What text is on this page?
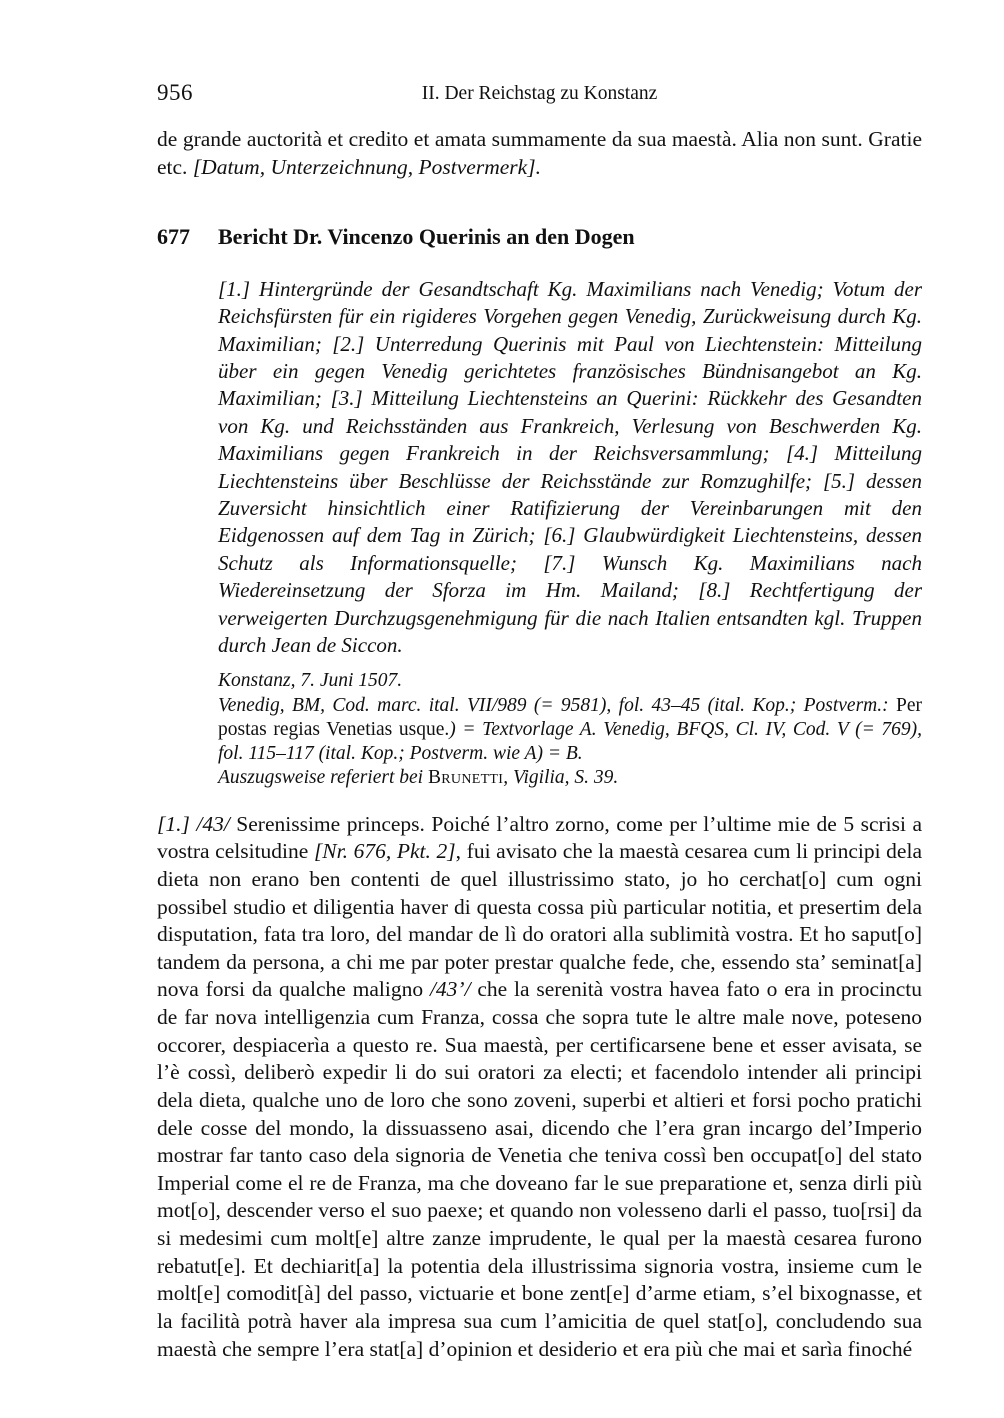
956	II. Der Reichstag zu Konstanz

de grande auctorità et credito et amata summamente da sua maestà. Alia non sunt. Gratie etc. [Datum, Unterzeichnung, Postvermerk].

677	Bericht Dr. Vincenzo Querinis an den Dogen

[1.] Hintergründe der Gesandtschaft Kg. Maximilians nach Venedig; Votum der Reichsfürsten für ein rigideres Vorgehen gegen Venedig, Zurückweisung durch Kg. Maximilian; [2.] Unterredung Querinis mit Paul von Liechtenstein: Mitteilung über ein gegen Venedig gerichtetes französisches Bündnisangebot an Kg. Maximilian; [3.] Mitteilung Liechtensteins an Querini: Rückkehr des Gesandten von Kg. und Reichsständen aus Frankreich, Verlesung von Beschwerden Kg. Maximilians gegen Frankreich in der Reichsversammlung; [4.] Mitteilung Liechtensteins über Beschlüsse der Reichsstände zur Romzughilfe; [5.] dessen Zuversicht hinsichtlich einer Ratifizierung der Vereinbarungen mit den Eidgenossen auf dem Tag in Zürich; [6.] Glaubwürdigkeit Liechtensteins, dessen Schutz als Informationsquelle; [7.] Wunsch Kg. Maximilians nach Wiedereinsetzung der Sforza im Hm. Mailand; [8.] Rechtfertigung der verweigerten Durchzugsgenehmigung für die nach Italien entsandten kgl. Truppen durch Jean de Siccon.

Konstanz, 7. Juni 1507.
Venedig, BM, Cod. marc. ital. VII/989 (= 9581), fol. 43–45 (ital. Kop.; Postverm.: Per postas regias Venetias usque.) = Textvorlage A. Venedig, BFQS, Cl. IV, Cod. V (= 769), fol. 115–117 (ital. Kop.; Postverm. wie A) = B.
Auszugsweise referiert bei Brunetti, Vigilia, S. 39.

[1.] /43/ Serenissime princeps. Poiché l’altro zorno, come per l’ultime mie de 5 scrisi a vostra celsitudine [Nr. 676, Pkt. 2], fui avisato che la maestà cesarea cum li principi dela dieta non erano ben contenti de quel illustrissimo stato, jo ho cerchat[o] cum ogni possibel studio et diligentia haver di questa cossa più particular notitia, et presertim dela disputation, fata tra loro, del mandar de lì do oratori alla sublimità vostra. Et ho saput[o] tandem da persona, a chi me par poter prestar qualche fede, che, essendo sta’ seminat[a] nova forsi da qualche maligno /43’/ che la serenità vostra havea fato o era in procinctu de far nova intelligenzia cum Franza, cossa che sopra tute le altre male nove, poteseno occorer, despiacerìa a questo re. Sua maestà, per certificarsene bene et esser avisata, se l’è cossì, deliberò expedir li do sui oratori za electi; et facendolo intender ali principi dela dieta, qualche uno de loro che sono zoveni, superbi et altieri et forsi pocho pratichi dele cosse del mondo, la dissuasseno asai, dicendo che l’era gran incargo del’Imperio mostrar far tanto caso dela signoria de Venetia che teniva cossì ben occupat[o] del stato Imperial come el re de Franza, ma che doveano far le sue preparatione et, senza dirli più mot[o], descender verso el suo paexe; et quando non volesseno darli el passo, tuo[rsi] da si medesimi cum molt[e] altre zanze imprudente, le qual per la maestà cesarea furono rebatut[e]. Et dechiarit[a] la potentia dela illustrissima signoria vostra, insieme cum le molt[e] comodit[à] del passo, victuarie et bone zent[e] d’arme etiam, s’el bixognasse, et la facilità potrà haver ala impresa sua cum l’amicitia de quel stat[o], concludendo sua maestà che sempre l’era stat[a] d’opinion et desiderio et era più che mai et sarìa finoché
